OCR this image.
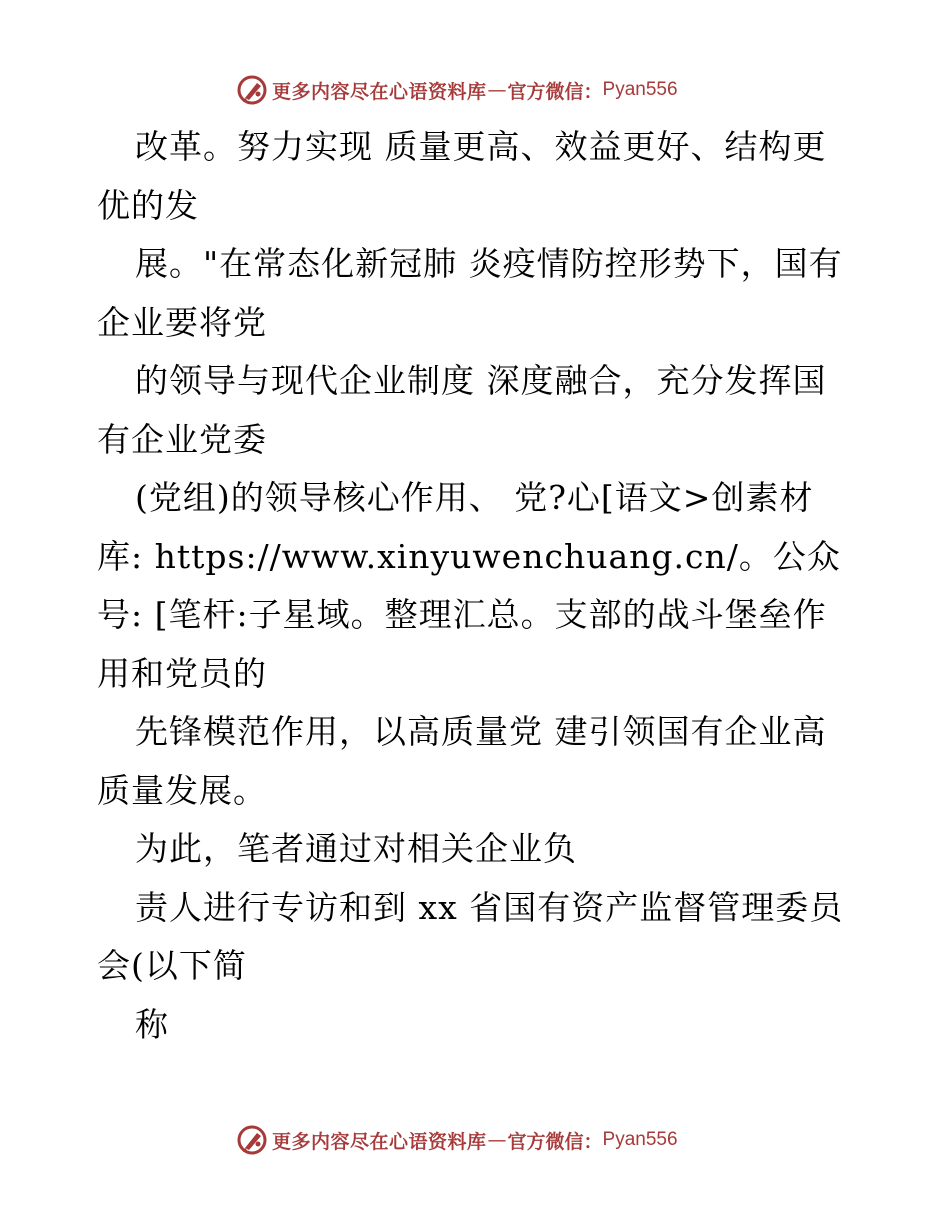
更多内容尽在心语资料库 — 官方微信： Pyan556

改革。努力实现 质量更高、效益更好、结构更优的发

展。"在常态化新冠肺 炎疫情防控形势下，国有企业要将党

的领导与现代企业制度 深度融合，充分发挥国有企业党委

(党组)的领导核心作用、 党?心[语文>创素材库: https://www.xinyuwenchuang.cn/。公众号: [笔杆:子星域。整理汇总。支部的战斗堡垒作用和党员的

先锋模范作用，以高质量党 建引领国有企业高质量发展。

为此，笔者通过对相关企业负

责人进行专访和到 xx 省国有资产监督管理委员会(以下简

称

更多内容尽在心语资料库 — 官方微信： Pyan556
